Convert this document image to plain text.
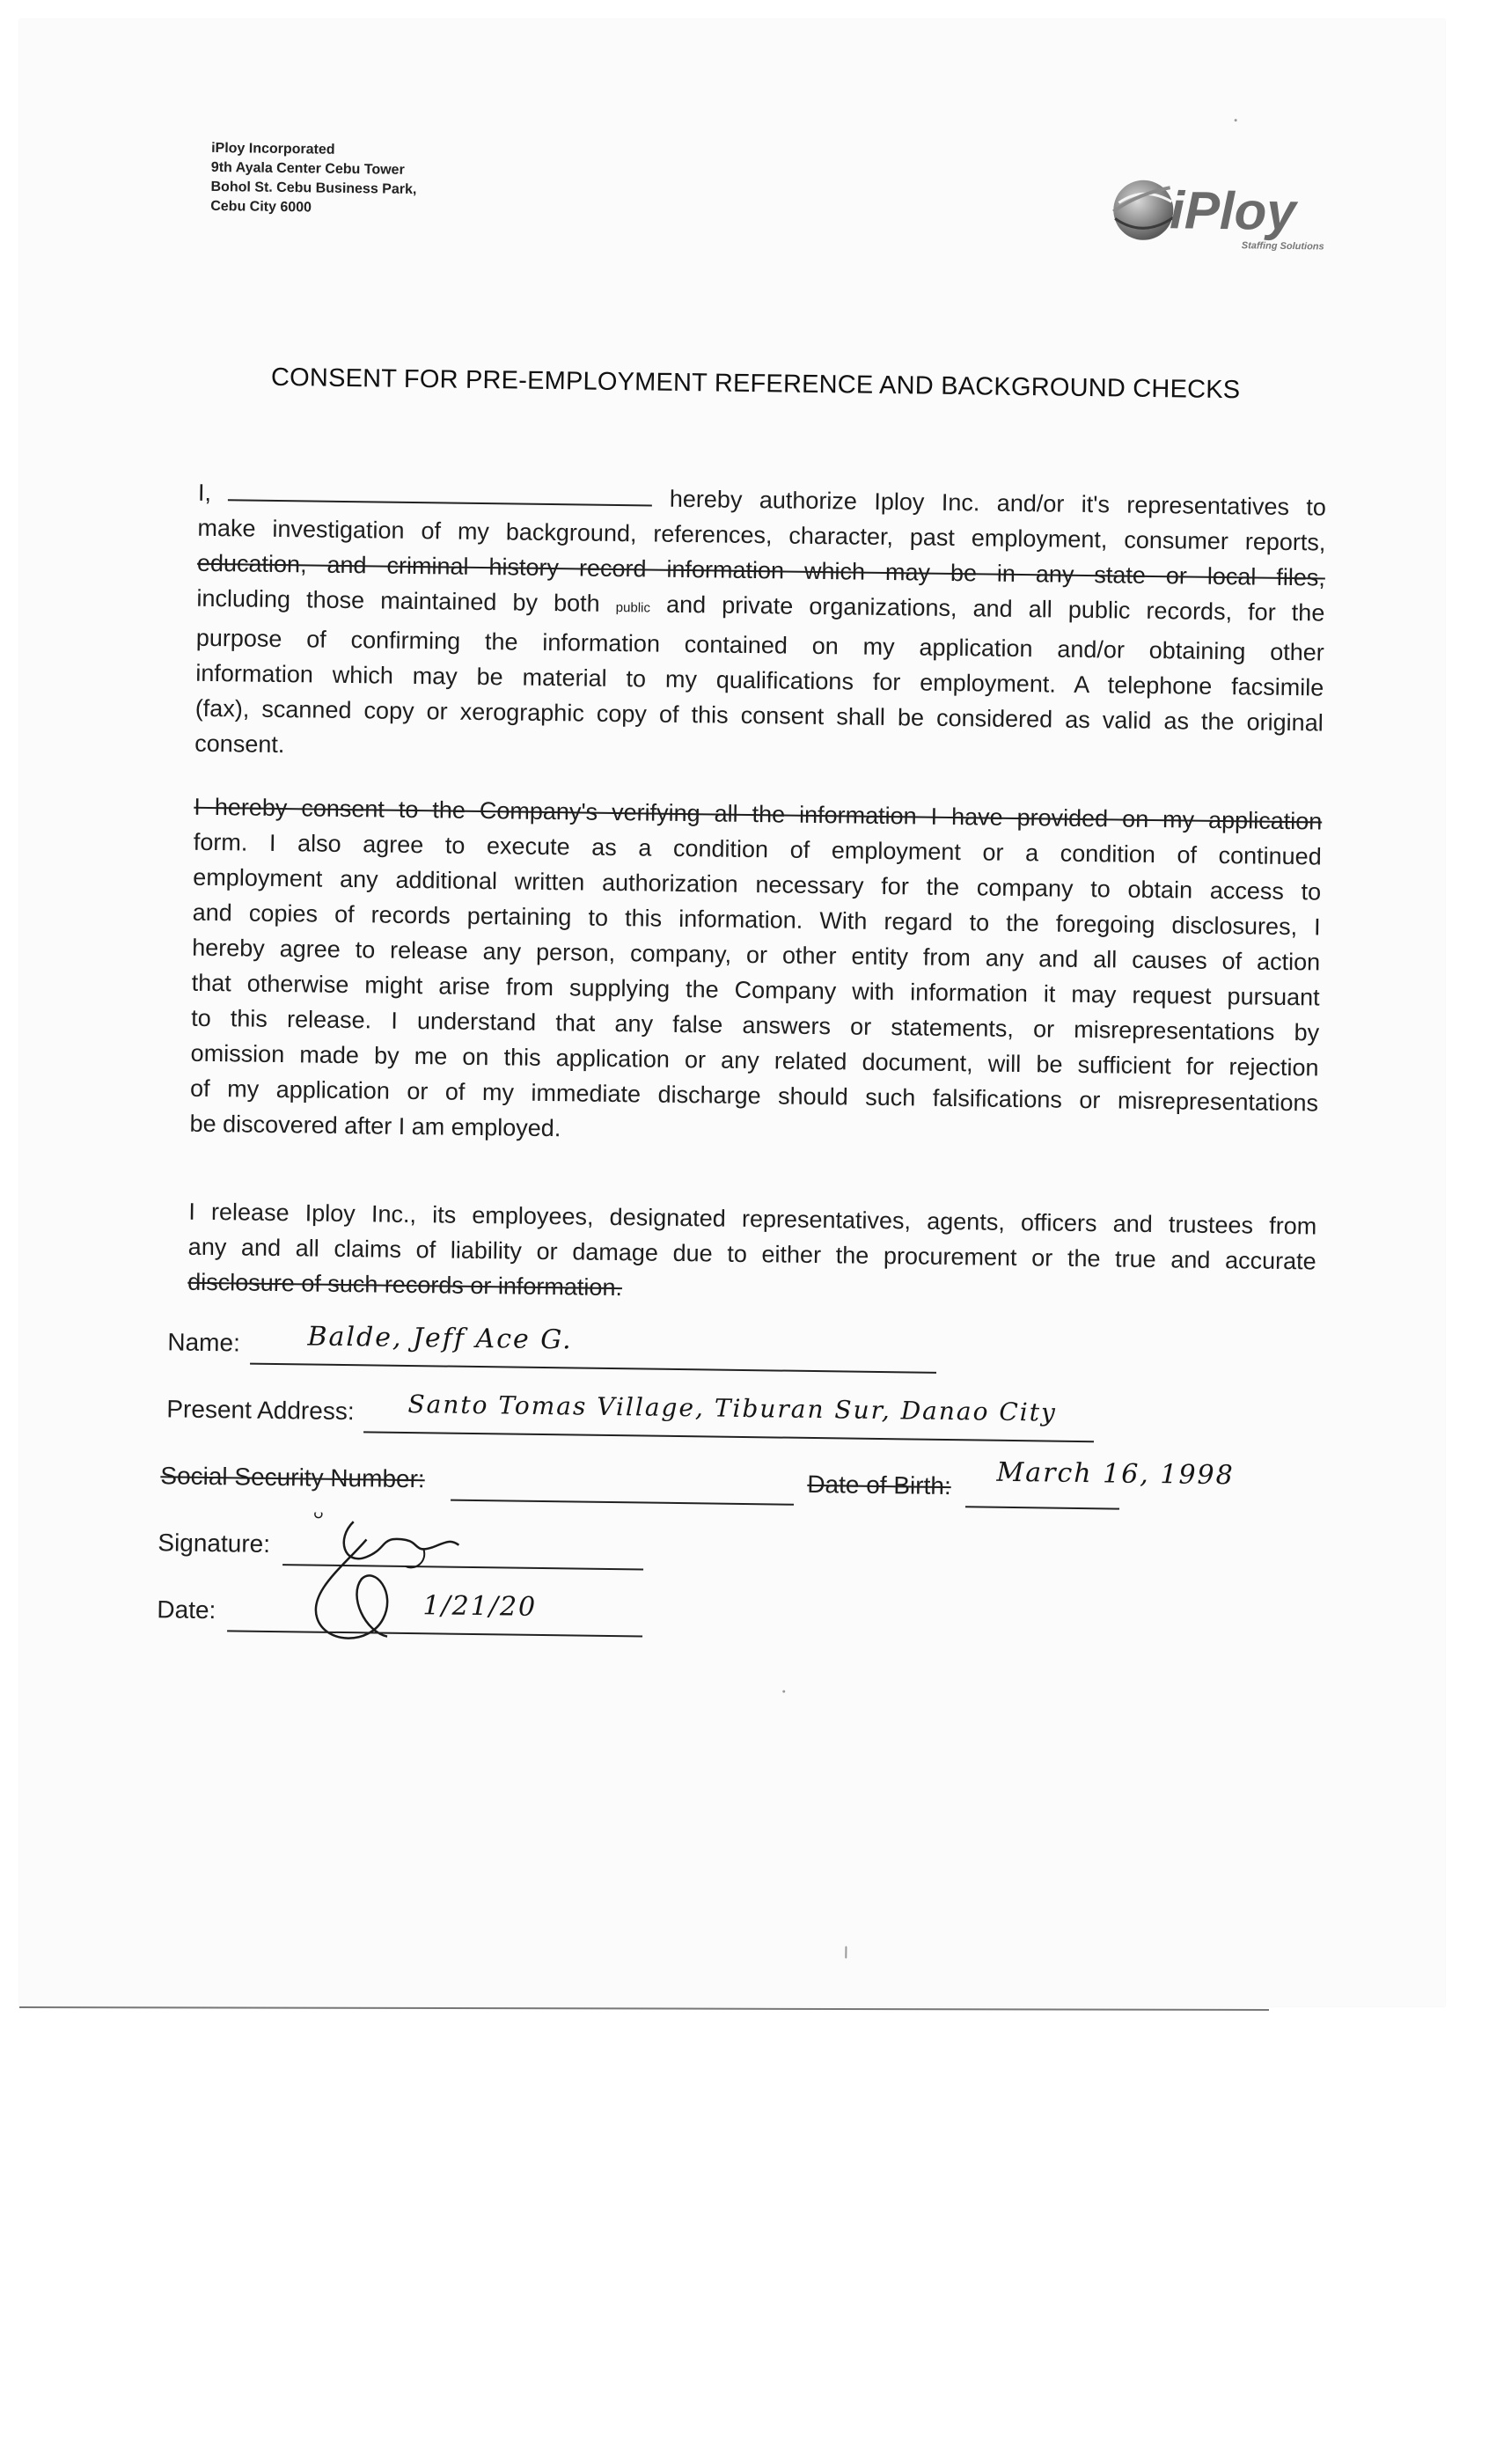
iPloy Incorporated
9th Ayala Center Cebu Tower
Bohol St. Cebu Business Park,
Cebu City 6000	iPloy
Staffing Solutions
CONSENT FOR PRE-EMPLOYMENT REFERENCE AND BACKGROUND CHECKS
I,	hereby authorize Iploy Inc. and/or it's representatives to
make investigation of my background, references, character, past employment, consumer reports,
education, and criminal history record information which may be in any state or local files,
including those maintained by both public and private organizations, and all public records, for the
purpose of confirming the information contained on my application and/or obtaining other
information which may be material to my qualifications for employment. A telephone facsimile
(fax), scanned copy or xerographic copy of this consent shall be considered as valid as the original
consent.
I hereby consent to the Company's verifying all the information I have provided on my application
form. I also agree to execute as a condition of employment or a condition of continued
employment any additional written authorization necessary for the company to obtain access to
and copies of records pertaining to this information. With regard to the foregoing disclosures, I
hereby agree to release any person, company, or other entity from any and all causes of action
that otherwise might arise from supplying the Company with information it may request pursuant
to this release. I understand that any false answers or statements, or misrepresentations by
omission made by me on this application or any related document, will be sufficient for rejection
of my application or of my immediate discharge should such falsifications or misrepresentations
be discovered after I am employed.
I release Iploy Inc., its employees, designated representatives, agents, officers and trustees from
any and all claims of liability or damage due to either the procurement or the true and accurate
disclosure of such records or information.
Name:	Balde, Jeff Ace G.
Present Address: Santo Tomas Village, Tiburan Sur, Danao City
Social Security Number:	Date of Birth: March 16, 1998
Signature:
Date:	1/21/20
